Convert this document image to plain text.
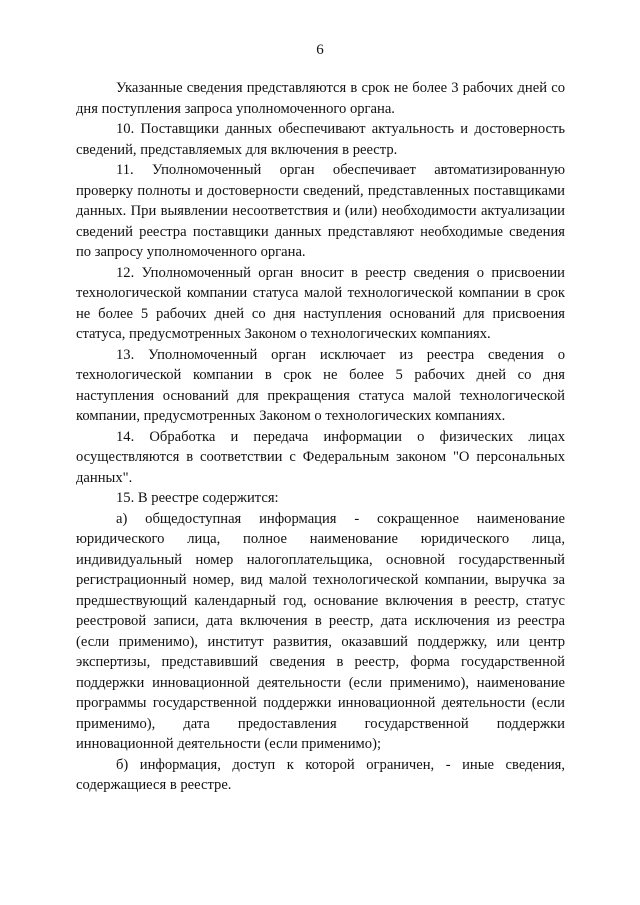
6

Указанные сведения представляются в срок не более 3 рабочих дней со дня поступления запроса уполномоченного органа.

10. Поставщики данных обеспечивают актуальность и достоверность сведений, представляемых для включения в реестр.

11. Уполномоченный орган обеспечивает автоматизированную проверку полноты и достоверности сведений, представленных поставщиками данных. При выявлении несоответствия и (или) необходимости актуализации сведений реестра поставщики данных представляют необходимые сведения по запросу уполномоченного органа.

12. Уполномоченный орган вносит в реестр сведения о присвоении технологической компании статуса малой технологической компании в срок не более 5 рабочих дней со дня наступления оснований для присвоения статуса, предусмотренных Законом о технологических компаниях.

13. Уполномоченный орган исключает из реестра сведения о технологической компании в срок не более 5 рабочих дней со дня наступления оснований для прекращения статуса малой технологической компании, предусмотренных Законом о технологических компаниях.

14. Обработка и передача информации о физических лицах осуществляются в соответствии с Федеральным законом "О персональных данных".

15. В реестре содержится:

а) общедоступная информация - сокращенное наименование юридического лица, полное наименование юридического лица, индивидуальный номер налогоплательщика, основной государственный регистрационный номер, вид малой технологической компании, выручка за предшествующий календарный год, основание включения в реестр, статус реестровой записи, дата включения в реестр, дата исключения из реестра (если применимо), институт развития, оказавший поддержку, или центр экспертизы, представивший сведения в реестр, форма государственной поддержки инновационной деятельности (если применимо), наименование программы государственной поддержки инновационной деятельности (если применимо), дата предоставления государственной поддержки инновационной деятельности (если применимо);

б) информация, доступ к которой ограничен, - иные сведения, содержащиеся в реестре.
